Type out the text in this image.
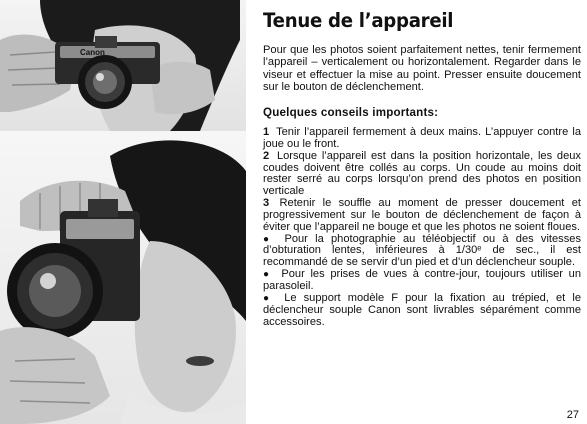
Canon
Tenue de l’appareil

Pour que les photos soient parfaitement nettes, tenir fermement l’appareil – verticalement ou horizontalement. Regarder dans le viseur et effectuer la mise au point. Presser ensuite doucement sur le bouton de déclenchement.

Quelques conseils importants:
1 Tenir l’appareil fermement à deux mains. L’appuyer contre la joue ou le front.
2 Lorsque l’appareil est dans la position horizontale, les deux coudes doivent être collés au corps. Un coude au moins doit rester serré au corps lorsqu’on prend des photos en position verticale
3 Retenir le souffle au moment de presser doucement et progressivement sur le bouton de déclenchement de façon à éviter que l’appareil ne bouge et que les photos ne soient floues.
● Pour la photographie au téléobjectif ou à des vitesses d’obturation lentes, inférieures à 1/30ᵉ de sec., il est recommandé de se servir d’un pied et d’un déclencheur souple.
● Pour les prises de vues à contre-jour, toujours utiliser un parasoleil.
● Le support modèle F pour la fixation au trépied, et le déclencheur souple Canon sont livrables séparément comme accessoires.
27
